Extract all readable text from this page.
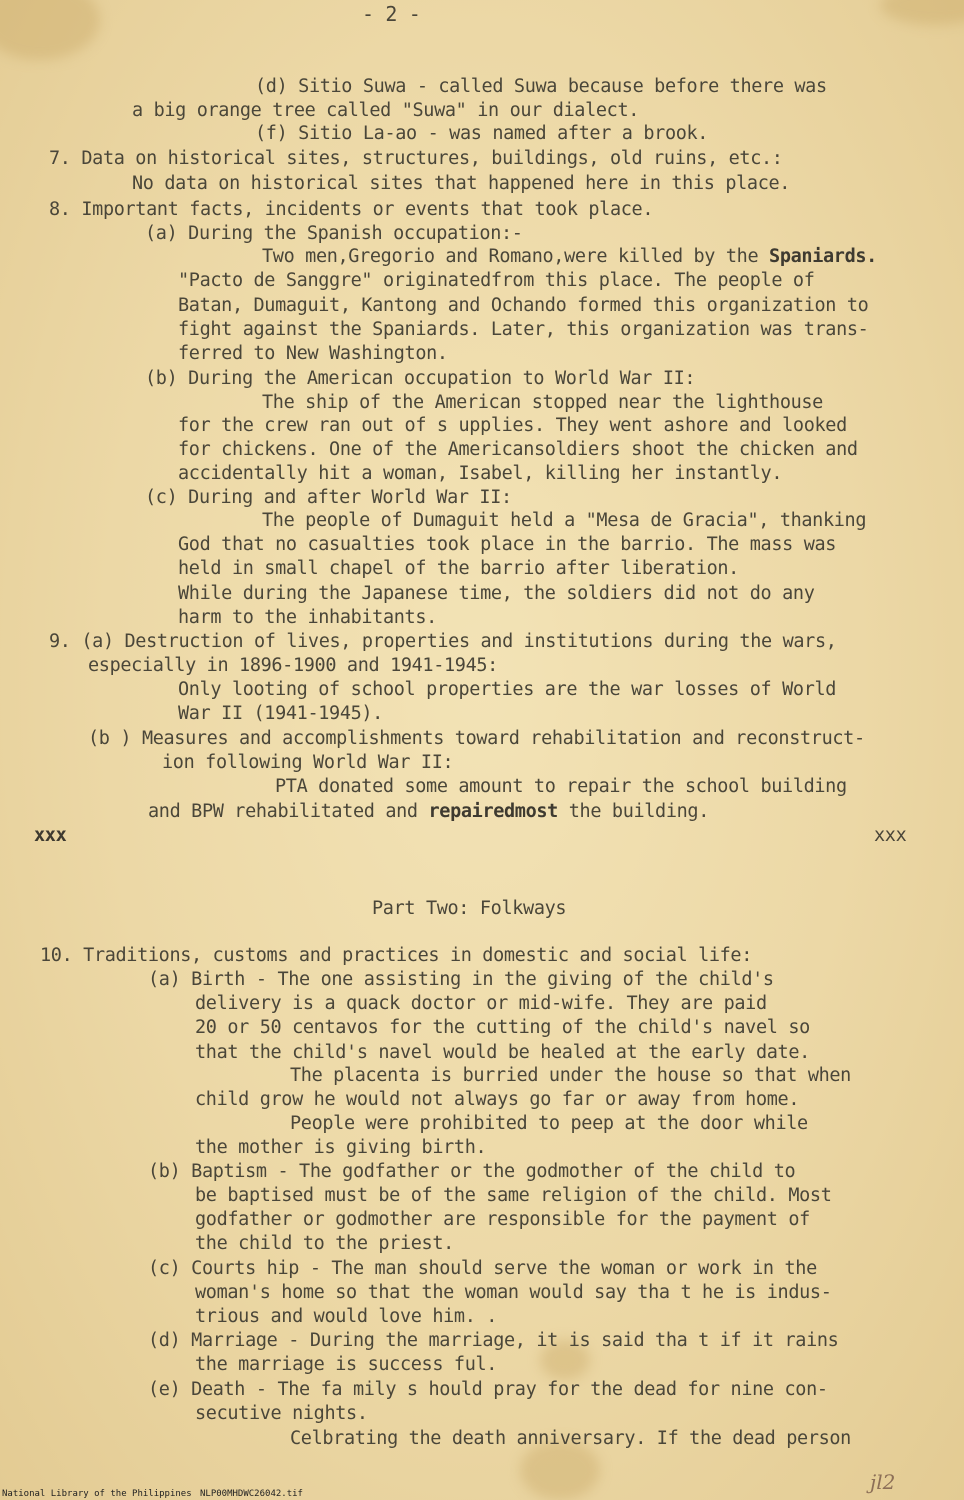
- 2 -
(d) Sitio Suwa - called Suwa because before there was
a big orange tree called "Suwa" in our dialect.
(f) Sitio La-ao - was named after a brook.
7. Data on historical sites, structures, buildings, old ruins, etc.:
No data on historical sites that happened here in this place.
8. Important facts, incidents or events that took place.
(a) During the Spanish occupation:-
Two men,Gregorio and Romano,were killed by the Spaniards.
"Pacto de Sanggre" originatedfrom this place. The people of
Batan, Dumaguit, Kantong and Ochando formed this organization to
fight against the Spaniards. Later, this organization was trans-
ferred to New Washington.
(b) During the American occupation to World War II:
The ship of the American stopped near the lighthouse
for the crew ran out of s upplies. They went ashore and looked
for chickens. One of the Americansoldiers shoot the chicken and
accidentally hit a woman, Isabel, killing her instantly.
(c) During and after World War II:
The people of Dumaguit held a "Mesa de Gracia", thanking
God that no casualties took place in the barrio. The mass was
held in small chapel of the barrio after liberation.
While during the Japanese time, the soldiers did not do any
harm to the inhabitants.
9. (a) Destruction of lives, properties and institutions during the wars,
especially in 1896-1900 and 1941-1945:
Only looting of school properties are the war losses of World
War II (1941-1945).
(b ) Measures and accomplishments toward rehabilitation and reconstruct-
ion following World War II:
PTA donated some amount to repair the school building
and BPW rehabilitated and repairedmost the building.
xxx	xxx
Part Two: Folkways
10. Traditions, customs and practices in domestic and social life:
(a) Birth - The one assisting in the giving of the child's
delivery is a quack doctor or mid-wife. They are paid
20 or 50 centavos for the cutting of the child's navel so
that the child's navel would be healed at the early date.
The placenta is burried under the house so that when
child grow he would not always go far or away from home.
People were prohibited to peep at the door while
the mother is giving birth.
(b) Baptism - The godfather or the godmother of the child to
be baptised must be of the same religion of the child. Most
godfather or godmother are responsible for the payment of
the child to the priest.
(c) Courts hip - The man should serve the woman or work in the
woman's home so that the woman would say tha t he is indus-
trious and would love him. .
(d) Marriage - During the marriage, it is said tha t if it rains
the marriage is success ful.
(e) Death - The fa mily s hould pray for the dead for nine con-
secutive nights.
Celbrating the death anniversary. If the dead person
National Library of the Philippines NLP00MHDWC26042.tif	jl2
